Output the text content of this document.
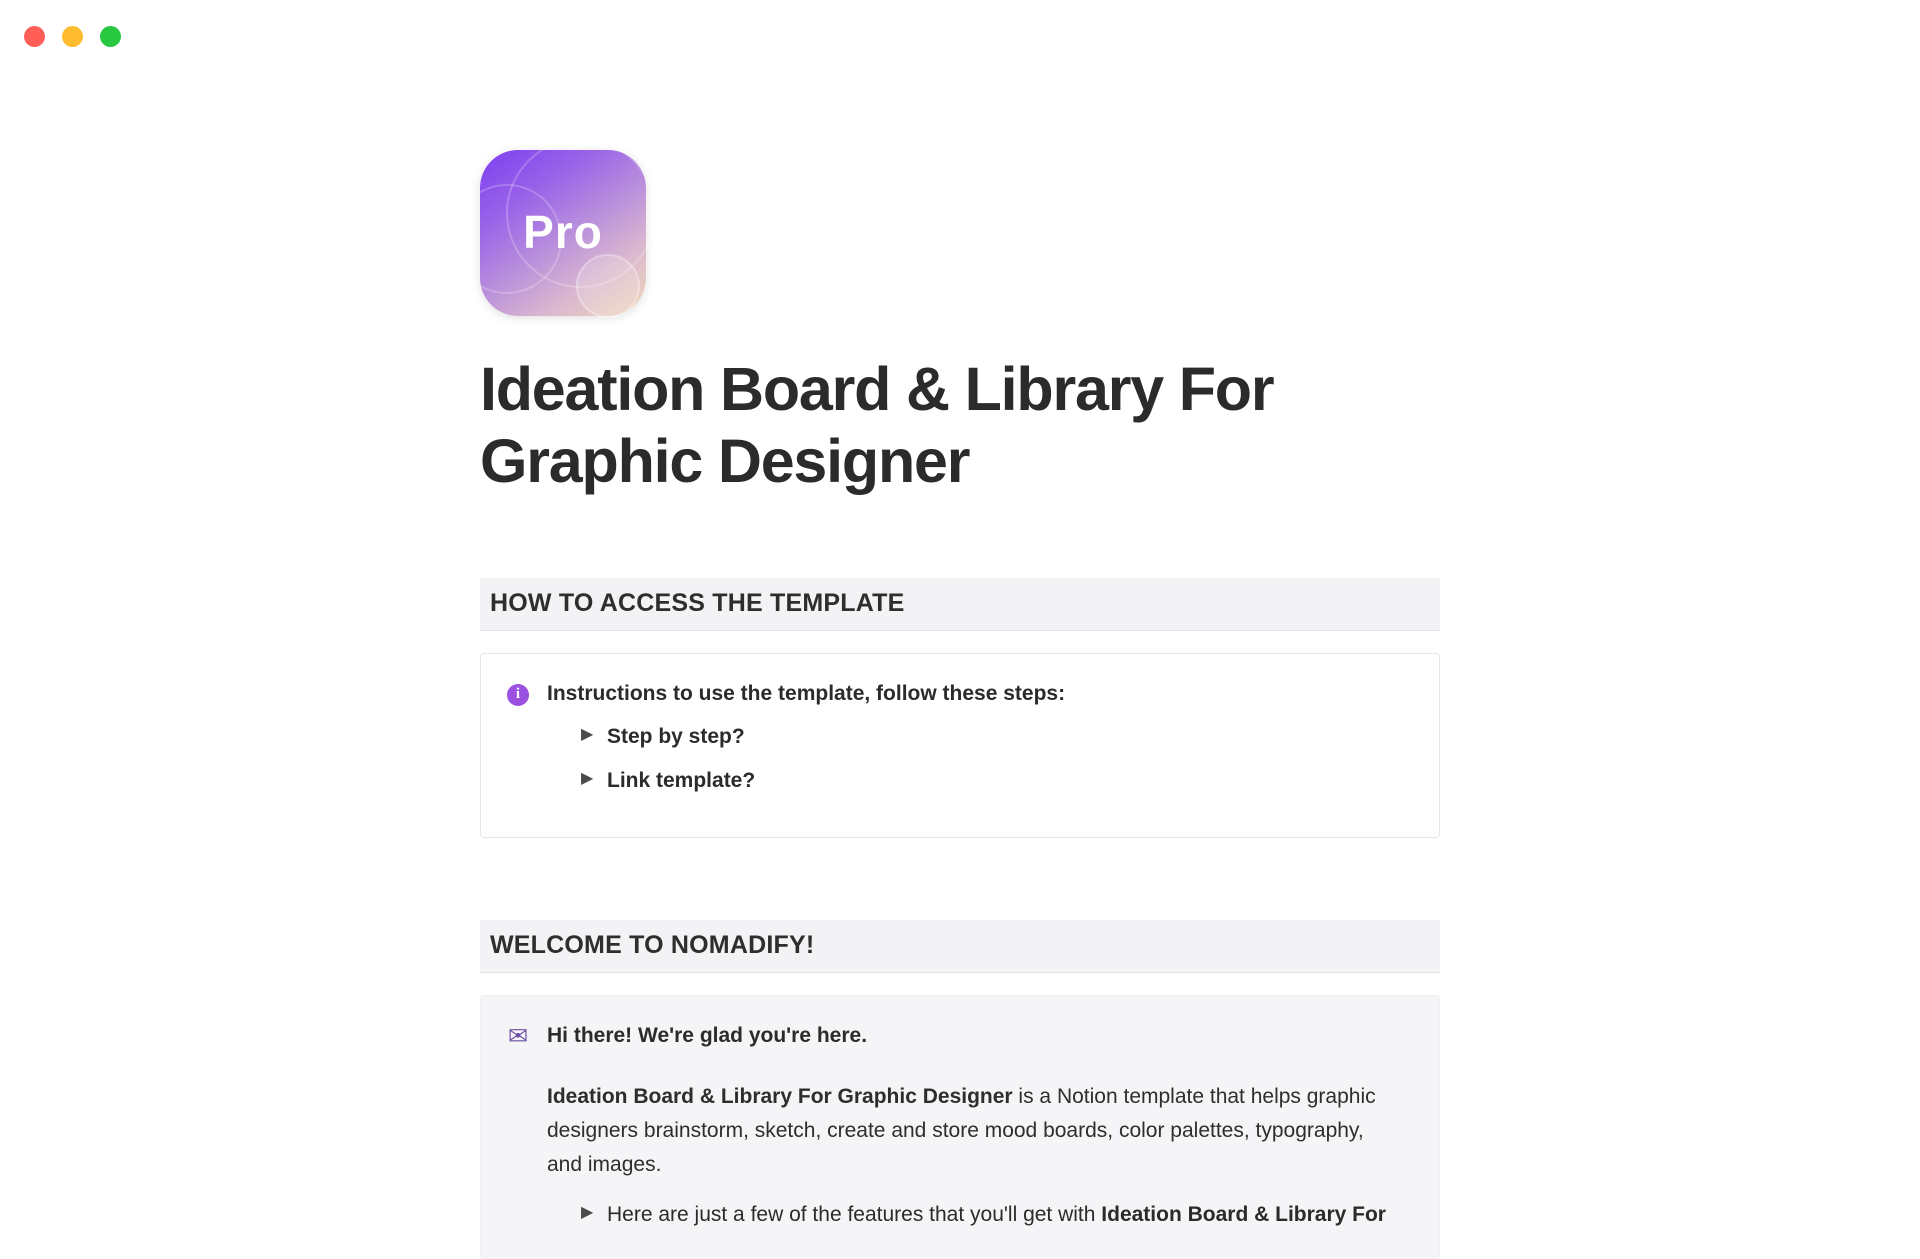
Pro
Ideation Board & Library For Graphic Designer
HOW TO ACCESS THE TEMPLATE
i	Instructions to use the template, follow these steps:
▶ Step by step?
▶ Link template?
WELCOME TO NOMADIFY!
✉ Hi there! We're glad you're here.

Ideation Board & Library For Graphic Designer is a Notion template that helps graphic designers brainstorm, sketch, create and store mood boards, color palettes, typography, and images.

▶ Here are just a few of the features that you'll get with Ideation Board & Library For
